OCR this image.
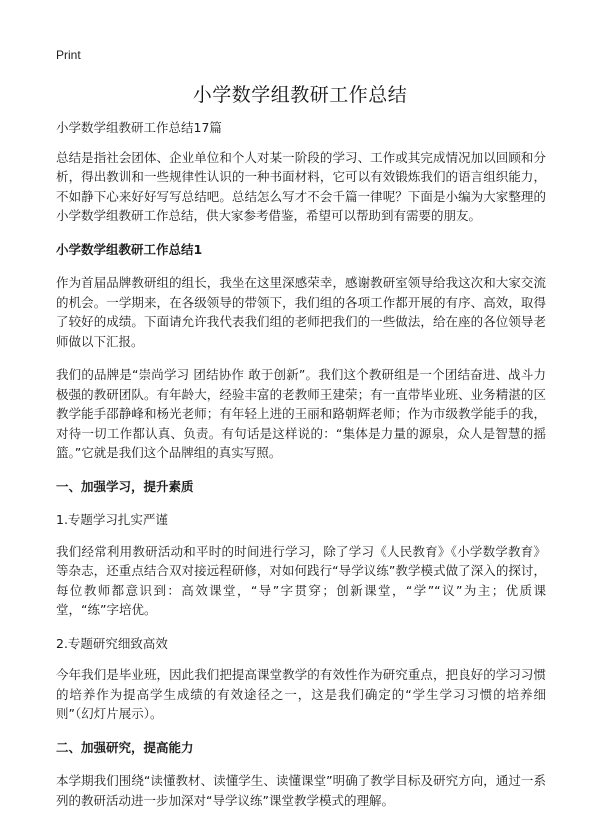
Print
小学数学组教研工作总结

小学数学组教研工作总结17篇

总结是指社会团体、企业单位和个人对某一阶段的学习、工作或其完成情况加以回顾和分析，得出教训和一些规律性认识的一种书面材料，它可以有效锻炼我们的语言组织能力，不如静下心来好好写写总结吧。总结怎么写才不会千篇一律呢？下面是小编为大家整理的小学数学组教研工作总结，供大家参考借鉴，希望可以帮助到有需要的朋友。

小学数学组教研工作总结1

作为首届品牌教研组的组长，我坐在这里深感荣幸，感谢教研室领导给我这次和大家交流的机会。一学期来，在各级领导的带领下，我们组的各项工作都开展的有序、高效，取得了较好的成绩。下面请允许我代表我们组的老师把我们的一些做法，给在座的各位领导老师做以下汇报。

我们的品牌是“崇尚学习 团结协作 敢于创新”。我们这个教研组是一个团结奋进、战斗力极强的教研团队。有年龄大，经验丰富的老教师王建荣；有一直带毕业班、业务精湛的区教学能手邵静峰和杨光老师；有年轻上进的王丽和路朝辉老师；作为市级教学能手的我，对待一切工作都认真、负责。有句话是这样说的：“集体是力量的源泉，众人是智慧的摇篮。”它就是我们这个品牌组的真实写照。

一、加强学习，提升素质

1.专题学习扎实严谨

我们经常利用教研活动和平时的时间进行学习，除了学习《人民教育》《小学数学教育》等杂志，还重点结合双对接远程研修，对如何践行“导学议练”教学模式做了深入的探讨，每位教师都意识到：高效课堂，“导”字贯穿；创新课堂，“学”“议”为主；优质课堂，“练”字培优。

2.专题研究细致高效

今年我们是毕业班，因此我们把提高课堂教学的有效性作为研究重点，把良好的学习习惯的培养作为提高学生成绩的有效途径之一，这是我们确定的“学生学习习惯的培养细则”（幻灯片展示）。

二、加强研究，提高能力

本学期我们围绕“读懂教材、读懂学生、读懂课堂”明确了教学目标及研究方向，通过一系列的教研活动进一步加深对“导学议练”课堂教学模式的理解。
